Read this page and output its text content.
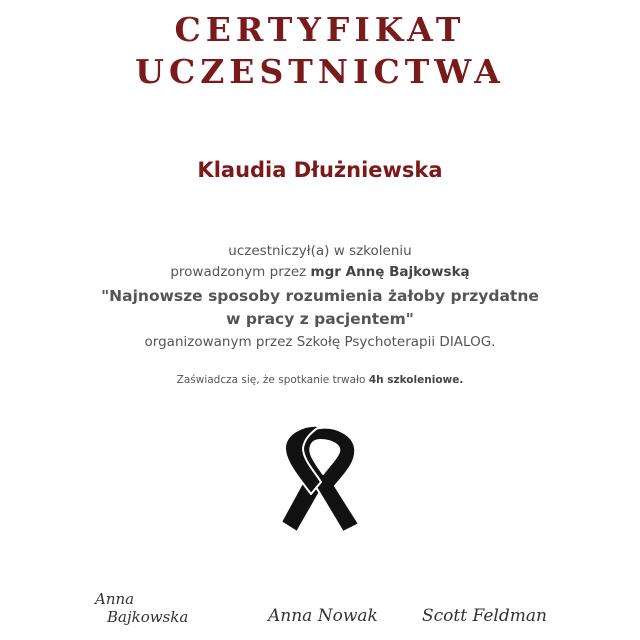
CERTYFIKAT
UCZESTNICTWA
Klaudia Dłużniewska
uczestniczył(a) w szkoleniu
prowadzonym przez mgr Annę Bajkowską
"Najnowsze sposoby rozumienia żałoby przydatne
w pracy z pacjentem"
organizowanym przez Szkołę Psychoterapii DIALOG.
Zaświadcza się, że spotkanie trwało 4h szkoleniowe.
Anna
Bajkowska	Anna Nowak	Scott Feldman
